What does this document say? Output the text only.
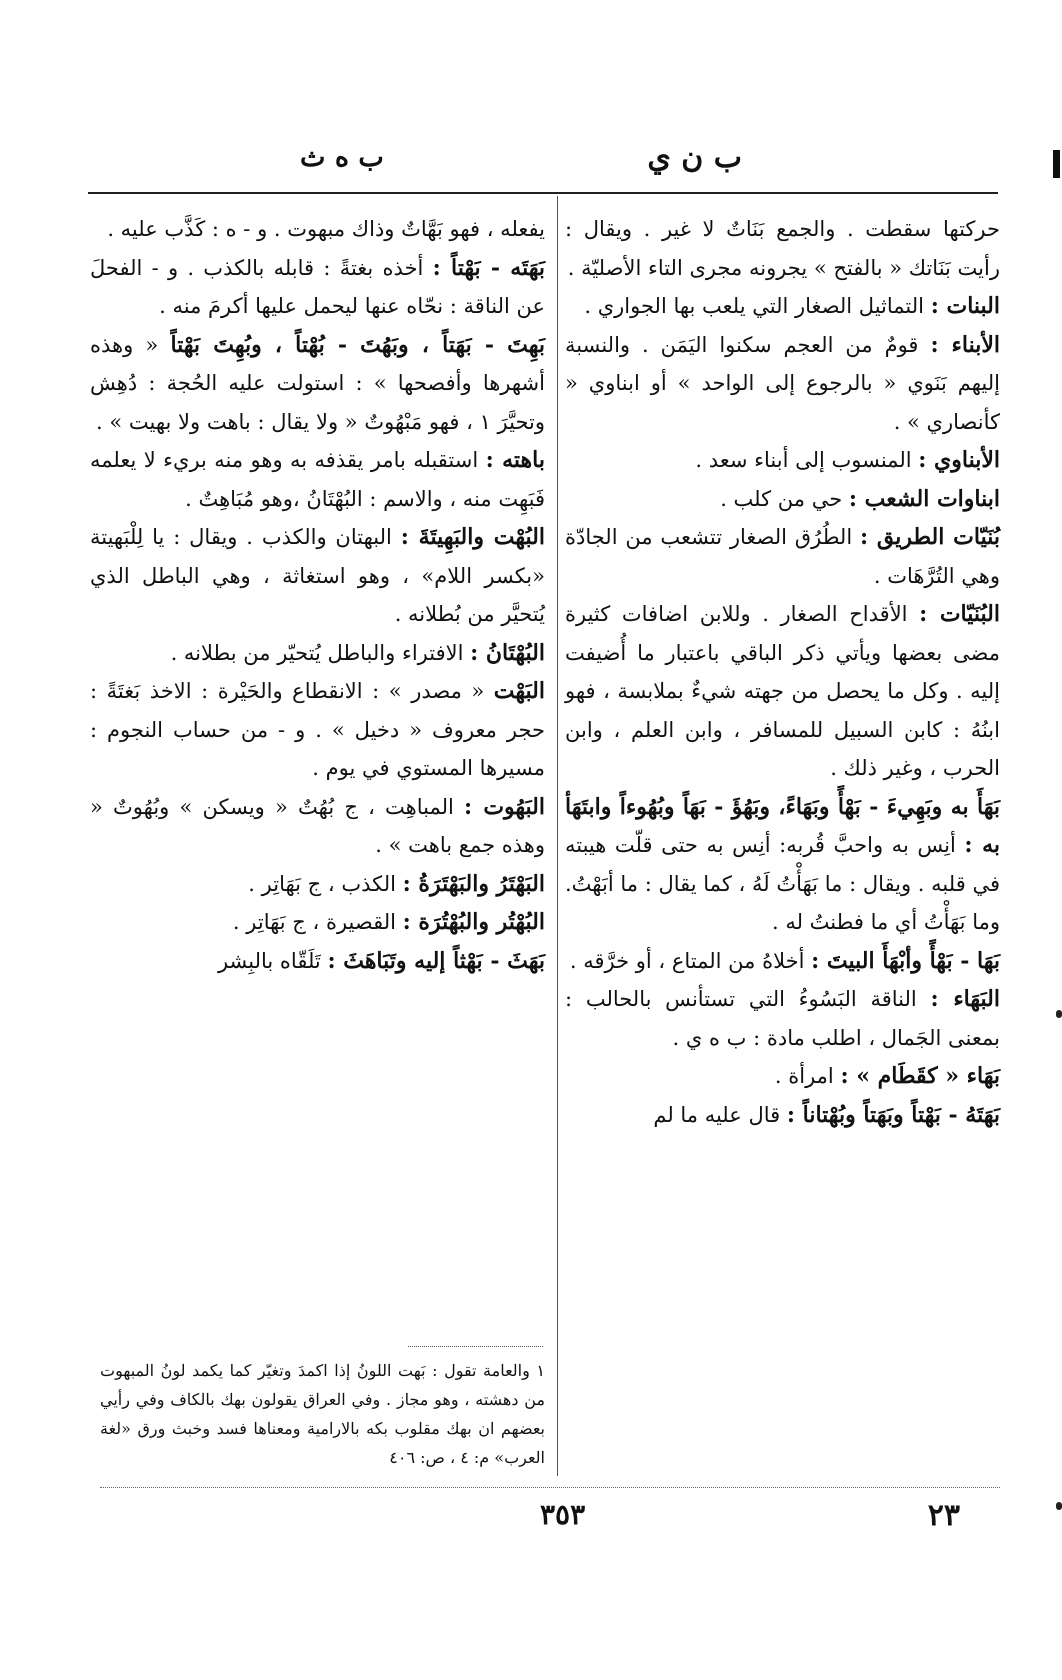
ب ن ي
ب ه ث
حركتها سقطت . والجمع بَنَاتٌ لا غير . ويقال : رأيت بَنَاتك « بالفتح » يجرونه مجرى التاء الأصليّة .
البنات : التماثيل الصغار التي يلعب بها الجواري .
الأبناء : قومٌ من العجم سكنوا اليَمَن . والنسبة إليهم بَنَوي « بالرجوع إلى الواحد » أو ابناوي « كأنصاري » .
الأبناوي : المنسوب إلى أبناء سعد .
ابناوات الشعب : حي من كلب .
بُنَيّات الطريق : الطُرُق الصغار تتشعب من الجادّة وهي التُرَّهَات .
البُنَيّات : الأقداح الصغار . وللابن اضافات كثيرة مضى بعضها ويأتي ذكر الباقي باعتبار ما أُضيفت إليه . وكل ما يحصل من جهته شيءٌ بملابسة ، فهو ابنُهُ : كابن السبيل للمسافر ، وابن العلم ، وابن الحرب ، وغير ذلك .
بَهَأَ به وبَهِيءَ - بَهْأً وبَهَاءً، وبَهُؤَ - بَهَاً وبُهُوءاً وابتَهَأ به : أنِس به واحبَّ قُربه: أنِس به حتى قلّت هيبته في قلبه . ويقال : ما بَهَأْتُ لَهُ ، كما يقال : ما أبَهْتُ. وما بَهَأْتُ أي ما فطنتُ له .
بَهَا - بَهْأً وأبْهَأَ البيتَ : أخلاهُ من المتاع ، أو خرَّقه .
البَهَاء : الناقة البَسُوءُ التي تستأنس بالحالب : بمعنى الجَمال ، اطلب مادة : ب ه ي .
بَهَاء « كقَطَام » : امرأة .
بَهَتَهُ - بَهْتاً وبَهَتاً وبُهْتاناً : قال عليه ما لم
يفعله ، فهو بَهَّاتٌ وذاك مبهوت . و - ه : كَذَّب عليه .
بَهَتَه - بَهْتاً : أخذه بغتةً : قابله بالكذب . و - الفحلَ عن الناقة : نحّاه عنها ليحمل عليها أكرمَ منه .
بَهِتَ - بَهَتاً ، وبَهُتَ - بُهْتاً ، وبُهِتَ بَهْتاً « وهذه أشهرها وأفصحها » : استولت عليه الحُجة : دُهِش وتحيَّرَ ١ ، فهو مَبْهُوتٌ « ولا يقال : باهت ولا بهيت » .
باهته : استقبله بامر يقذفه به وهو منه بريء لا يعلمه فَبَهِت منه ، والاسم : البُهْتَانُ ،وهو مُبَاهِتٌ .
البُهْت والبَهِيتَةَ : البهتان والكذب . ويقال : يا لِلْبَهيتة «بكسر اللام» ، وهو استغاثة ، وهي الباطل الذي يُتحيَّر من بُطلانه .
البُهْتَانُ : الافتراء والباطل يُتحيّر من بطلانه .
البَهْت « مصدر » : الانقطاع والحَيْرة : الاخذ بَغتَةً : حجر معروف « دخيل » . و - من حساب النجوم : مسيرها المستوي في يوم .
البَهُوت : المباهِت ، ج بُهُتٌ « ويسكن » وبُهُوتٌ « وهذه جمع باهت » .
البَهْتَرُ والبَهْتَرَةُ : الكذب ، ج بَهَاتِر .
البُهْتُر والبُهْتُرَة : القصيرة ، ج بَهَاتِر .
بَهَثَ - بَهْثاً إليه وتَبَاهَثَ : تَلَقّاه بالبِشر
١ والعامة تقول : بَهت اللونُ إذا اكمدَ وتغيّر كما يكمد لونُ المبهوت من دهشته ، وهو مجاز . وفي العراق يقولون بهك بالكاف وفي رأيي بعضهم ان بهك مقلوب بكه بالارامية ومعناها فسد وخبث ورق «لغة العرب» م: ٤ ، ص: ٤٠٦
٢٣
٣٥٣
